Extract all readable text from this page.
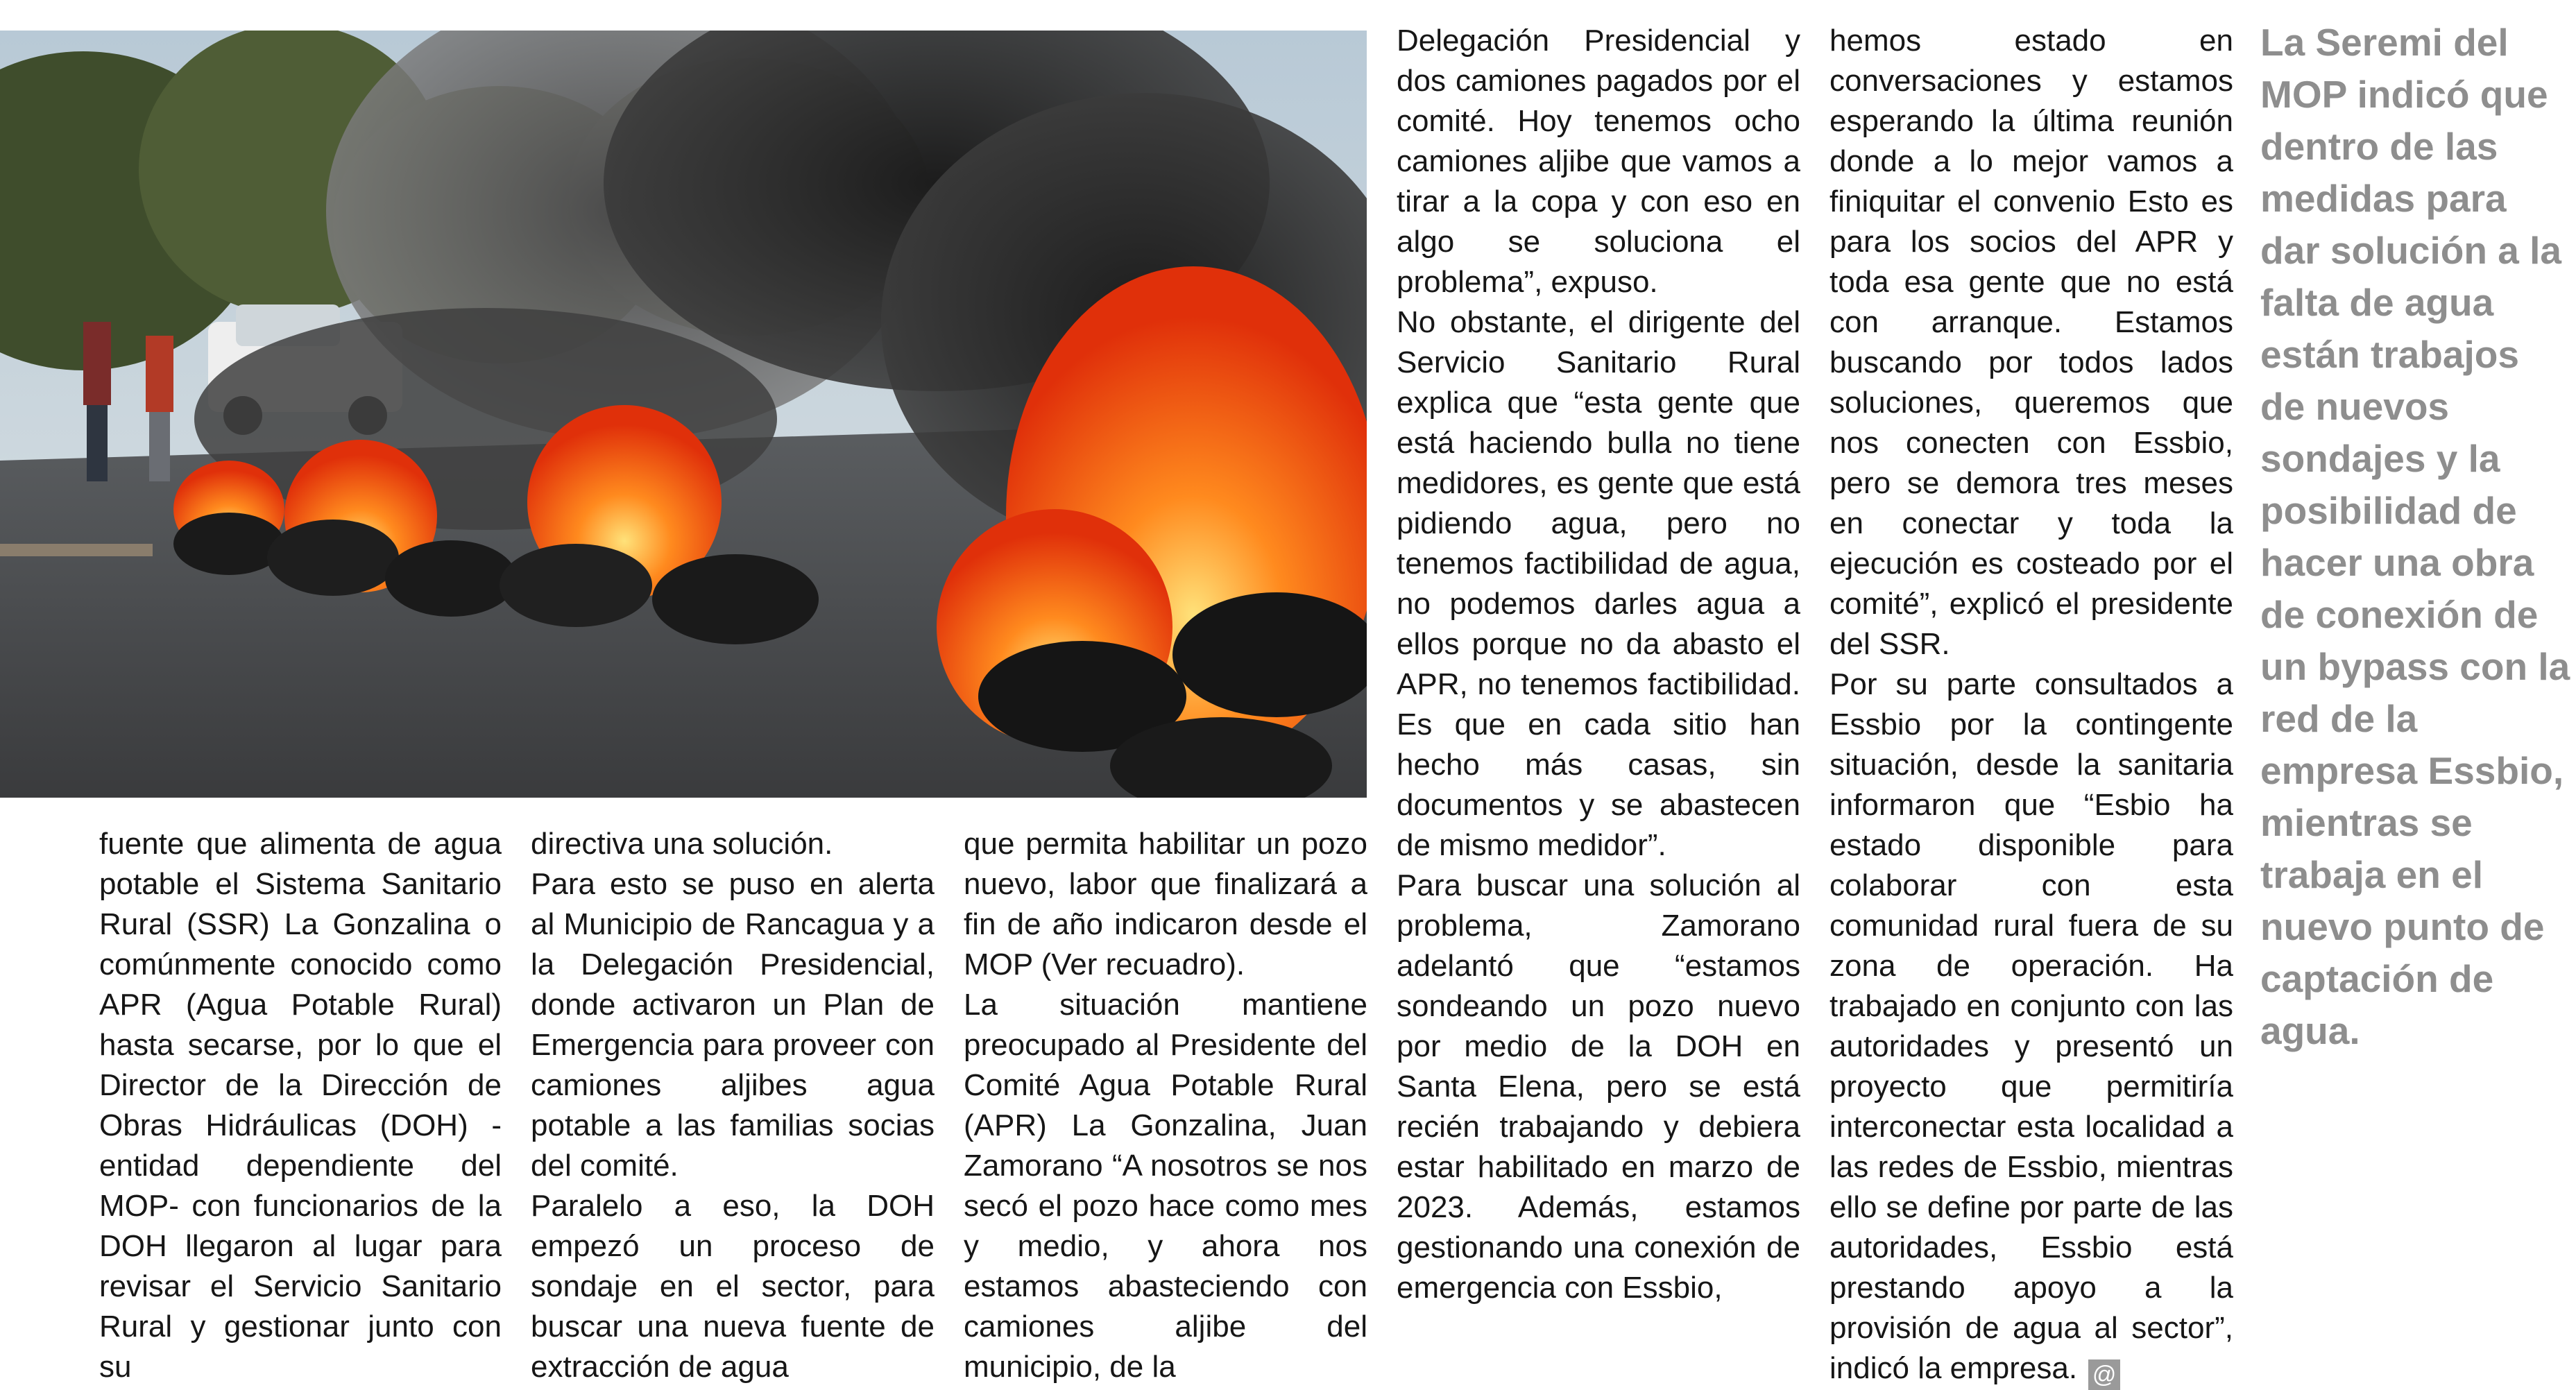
fuente que alimenta de agua potable el Sistema Sanitario Rural (SSR) La Gonzalina o comúnmente conocido como APR (Agua Potable Rural) hasta secarse, por lo que el Director de la Dirección de Obras Hidráulicas (DOH) -entidad dependiente del MOP- con funcionarios de la DOH llegaron al lugar para revisar el Servicio Sanitario Rural y gestionar junto con su
directiva una solución.
Para esto se puso en alerta al Municipio de Rancagua y a la Delegación Presidencial, donde activaron un Plan de Emergencia para proveer con camiones aljibes agua potable a las familias socias del comité.
Paralelo a eso, la DOH empezó un proceso de sondaje en el sector, para buscar una nueva fuente de extracción de agua
que permita habilitar un pozo nuevo, labor que finalizará a fin de año indicaron desde el MOP (Ver recuadro).
La situación mantiene preocupado al Presidente del Comité Agua Potable Rural (APR) La Gonzalina, Juan Zamorano “A nosotros se nos secó el pozo hace como mes y medio, y ahora nos estamos abasteciendo con camiones aljibe del municipio, de la
Delegación Presidencial y dos camiones pagados por el comité. Hoy tenemos ocho camiones aljibe que vamos a tirar a la copa y con eso en algo se soluciona el problema”, expuso.
No obstante, el dirigente del Servicio Sanitario Rural explica que “esta gente que está haciendo bulla no tiene medidores, es gente que está pidiendo agua, pero no tenemos factibilidad de agua, no podemos darles agua a ellos porque no da abasto el APR, no tenemos factibilidad. Es que en cada sitio han hecho más casas, sin documentos y se abastecen de mismo medidor”.
Para buscar una solución al problema, Zamorano adelantó que “estamos sondeando un pozo nuevo por medio de la DOH en Santa Elena, pero se está recién trabajando y debiera estar habilitado en marzo de 2023. Además, estamos gestionando una conexión de emergencia con Essbio,
hemos estado en conversaciones y estamos esperando la última reunión donde a lo mejor vamos a finiquitar el convenio Esto es para los socios del APR y toda esa gente que no está con arranque. Estamos buscando por todos lados soluciones, queremos que nos conecten con Essbio, pero se demora tres meses en conectar y toda la ejecución es costeado por el comité”, explicó el presidente del SSR.
Por su parte consultados a Essbio por la contingente situación, desde la sanitaria informaron que “Esbio ha estado disponible para colaborar con esta comunidad rural fuera de su zona de operación. Ha trabajado en conjunto con las autoridades y presentó un proyecto que permitiría interconectar esta localidad a las redes de Essbio, mientras ello se define por parte de las autoridades, Essbio está prestando apoyo a la provisión de agua al sector”, indicó la empresa. @

La Seremi del MOP indicó que dentro de las medidas para dar solución a la falta de agua están trabajos de nuevos sondajes y la posibilidad de hacer una obra de conexión de un bypass con la red de la empresa Essbio, mientras se trabaja en el nuevo punto de captación de agua.
